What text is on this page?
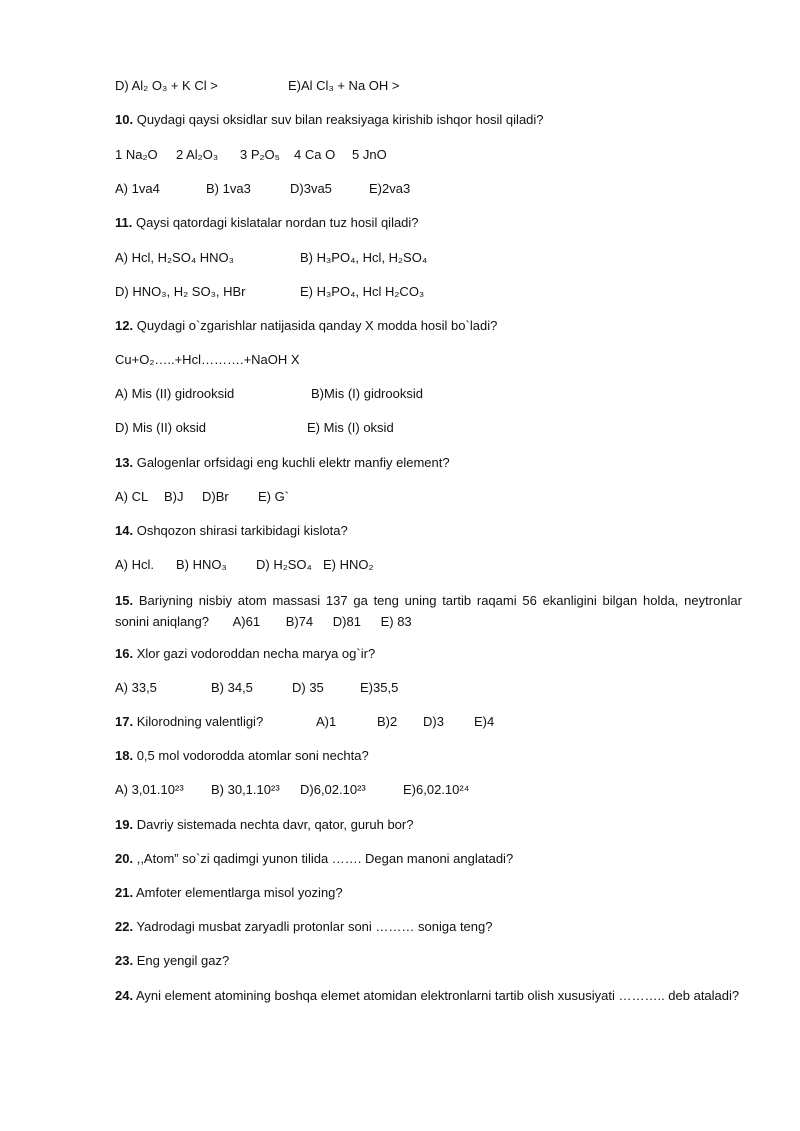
D) Al₂ O₃ + K Cl >	E)Al Cl₃ + Na OH >
10. Quydagi qaysi oksidlar suv bilan reaksiyaga kirishib ishqor hosil qiladi?
1 Na₂O 2 Al₂O₃ 3 P₂O₅ 4 Ca O 5 JnO
A) 1va4	B) 1va3	D)3va5	E)2va3
11. Qaysi qatordagi kislatalar nordan tuz hosil qiladi?
A) Hcl, H₂SO₄ HNO₃	B) H₃PO₄, Hcl, H₂SO₄
D) HNO₃, H₂ SO₃, HBr	E) H₃PO₄, Hcl H₂CO₃
12. Quydagi o`zgarishlar natijasida qanday X modda hosil bo`ladi?
Cu+O₂…..+Hcl……….+NaOH X
A) Mis (II) gidrooksid	B)Mis (I) gidrooksid
D) Mis (II) oksid	E) Mis (I) oksid
13. Galogenlar orfsidagi eng kuchli elektr manfiy element?
A) CL B)J D)Br E) G`
14. Oshqozon shirasi tarkibidagi kislota?
A) Hcl. B) HNO₃ D) H₂SO₄ E) HNO₂
15. Bariyning nisbiy atom massasi 137 ga teng uning tartib raqami 56 ekanligini bilgan holda, neytronlar sonini aniqlang? A)61 B)74 D)81 E) 83
16. Xlor gazi vodoroddan necha marya og`ir?
A) 33,5	B) 34,5	D) 35	E)35,5
17. Kilorodning valentligi?	A)1	B)2 D)3 E)4
18. 0,5 mol vodorodda atomlar soni nechta?
A) 3,01.10²³ B) 30,1.10²³ D)6,02.10²³	E)6,02.10²⁴
19. Davriy sistemada nechta davr, qator, guruh bor?
20. ,,Atom” so`zi qadimgi yunon tilida ……. Degan manoni anglatadi?
21. Amfoter elementlarga misol yozing?
22. Yadrodagi musbat zaryadli protonlar soni ……… soniga teng?
23. Eng yengil gaz?
24. Ayni element atomining boshqa elemet atomidan elektronlarni tartib olish xususiyati ……….. deb ataladi?
